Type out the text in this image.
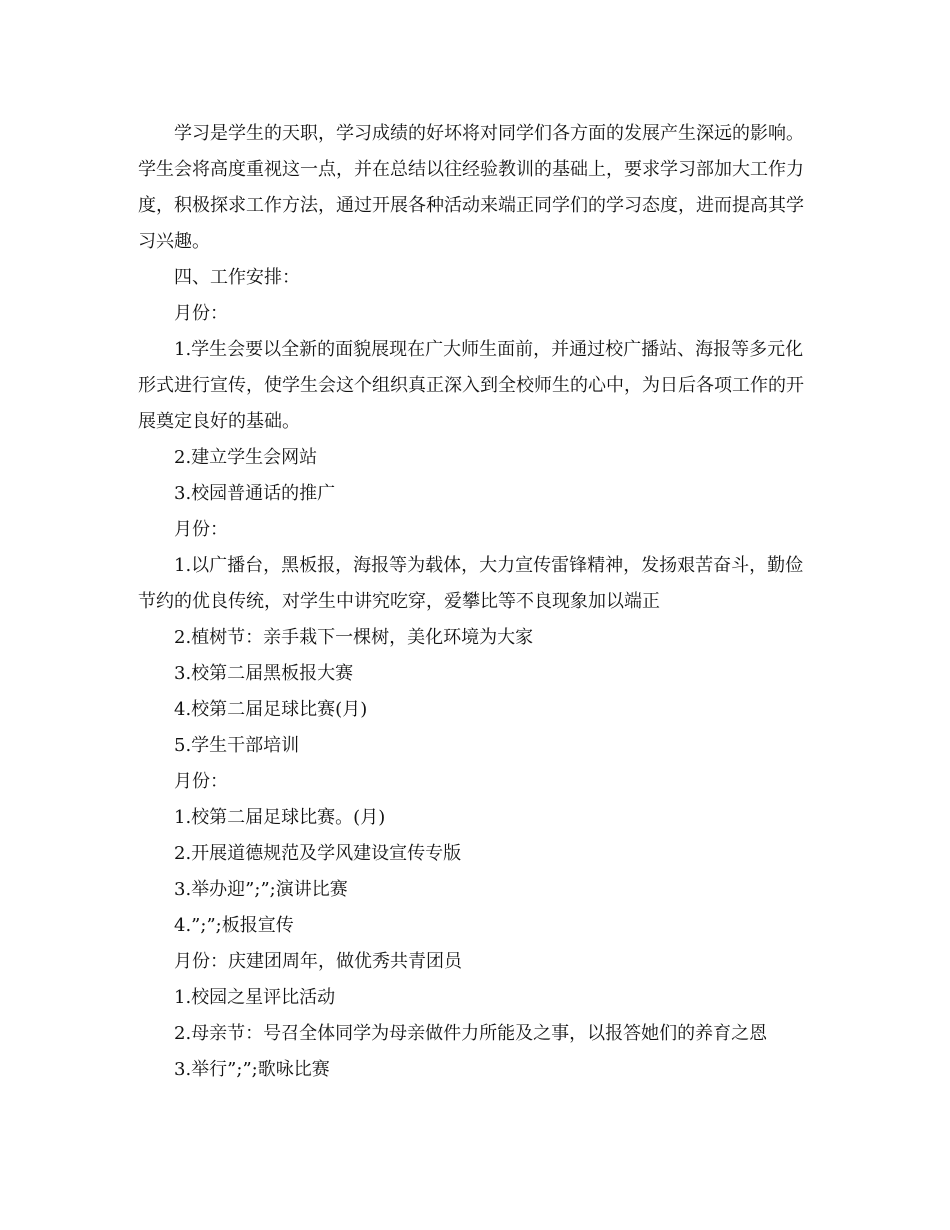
学习是学生的天职，学习成绩的好坏将对同学们各方面的发展产生深远的影响。学生会将高度重视这一点，并在总结以往经验教训的基础上，要求学习部加大工作力度，积极探求工作方法，通过开展各种活动来端正同学们的学习态度，进而提高其学习兴趣。

四、工作安排：

月份：

1.学生会要以全新的面貌展现在广大师生面前，并通过校广播站、海报等多元化形式进行宣传，使学生会这个组织真正深入到全校师生的心中，为日后各项工作的开展奠定良好的基础。

2.建立学生会网站

3.校园普通话的推广

月份：

1.以广播台，黑板报，海报等为载体，大力宣传雷锋精神，发扬艰苦奋斗，勤俭节约的优良传统，对学生中讲究吃穿，爱攀比等不良现象加以端正

2.植树节：亲手栽下一棵树，美化环境为大家

3.校第二届黑板报大赛

4.校第二届足球比赛(月)

5.学生干部培训

月份：

1.校第二届足球比赛。(月)

2.开展道德规范及学风建设宣传专版

3.举办迎”;”;演讲比赛

4.”;”;板报宣传

月份：庆建团周年，做优秀共青团员

1.校园之星评比活动

2.母亲节：号召全体同学为母亲做件力所能及之事，以报答她们的养育之恩

3.举行”;”;歌咏比赛
